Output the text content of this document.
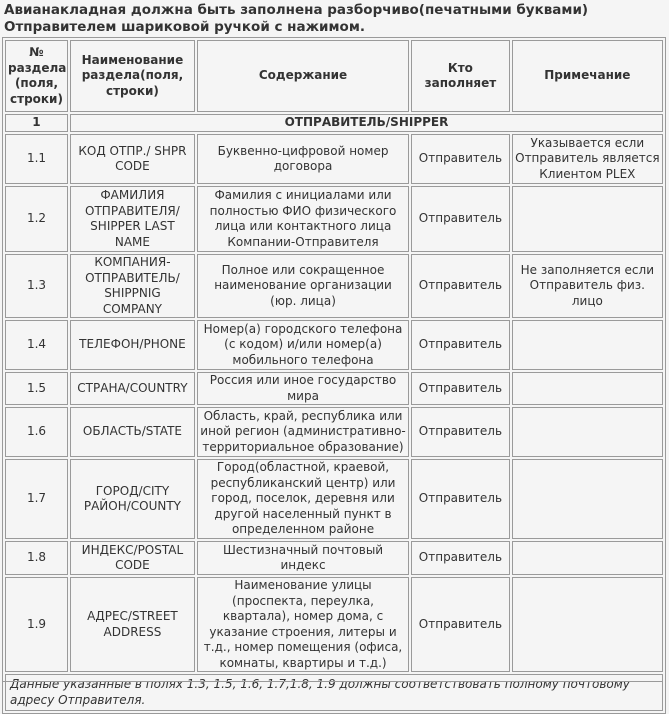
Авианакладная должна быть заполнена разборчиво(печатными буквами)
Отправителем шариковой ручкой с нажимом.
№ раздела (поля, строки)	Наименование раздела(поля, строки)	Содержание	Кто заполняет	Примечание
1	ОТПРАВИТЕЛЬ/SHIPPER			
1.1	КОД ОТПР./ SHPR CODE	Буквенно-цифровой номер договора	Отправитель	Указывается если Отправитель является Клиентом PLEX
1.2	ФАМИЛИЯ ОТПРАВИТЕЛЯ/ SHIPPER LAST NAME	Фамилия с инициалами или полностью ФИО физического лица или контактного лица Компании-Отправителя	Отправитель	
1.3	КОМПАНИЯ-ОТПРАВИТЕЛЬ/ SHIPPNIG COMPANY	Полное или сокращенное наименование организации (юр. лица)	Отправитель	Не заполняется если Отправитель физ. лицо
1.4	ТЕЛЕФОН/PHONE	Номер(а) городского телефона (с кодом) и/или номер(а) мобильного телефона	Отправитель	
1.5	СТРАНА/COUNTRY	Россия или иное государство мира	Отправитель	
1.6	ОБЛАСТЬ/STATE	Область, край, республика или иной регион (административно-территориальное образование)	Отправитель	
1.7	ГОРОД/CITY РАЙОН/COUNTY	Город(областной, краевой, республиканский центр) или город, поселок, деревня или другой населенный пункт в определенном районе	Отправитель	
1.8	ИНДЕКС/POSTAL CODE	Шестизначный почтовый индекс	Отправитель	
1.9	АДРЕС/STREET ADDRESS	Наименование улицы (проспекта, переулка, квартала), номер дома, с указание строения, литеры и т.д., номер помещения (офиса, комнаты, квартиры и т.д.)	Отправитель	
Данные указанные в полях 1.3, 1.5, 1.6, 1.7,1.8, 1.9 должны соответствовать полному почтовому адресу Отправителя.				
